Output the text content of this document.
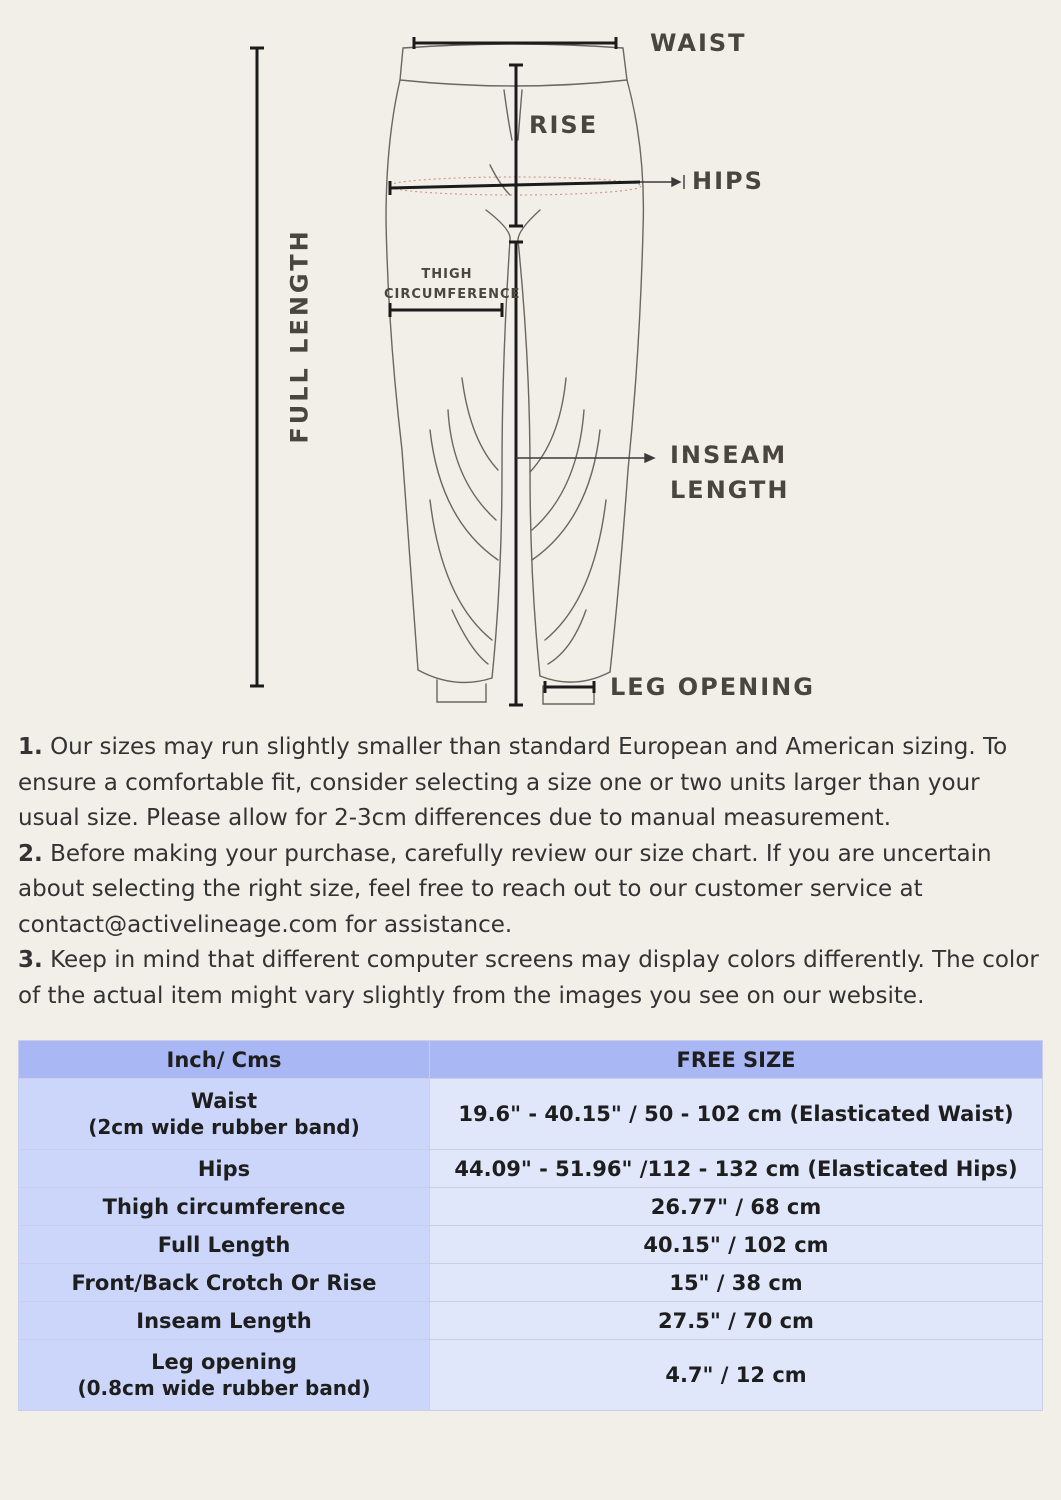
WAIST
RISE
HIPS
THIGH
CIRCUMFERENCE
FULL LENGTH
INSEAM
LENGTH
LEG OPENING

1. Our sizes may run slightly smaller than standard European and American sizing. To ensure a comfortable fit, consider selecting a size one or two units larger than your usual size. Please allow for 2-3cm differences due to manual measurement.

2. Before making your purchase, carefully review our size chart. If you are uncertain about selecting the right size, feel free to reach out to our customer service at contact@activelineage.com for assistance.

3. Keep in mind that different computer screens may display colors differently. The color of the actual item might vary slightly from the images you see on our website.

Inch/ Cms	FREE SIZE
Waist
(2cm wide rubber band)	19.6" - 40.15" / 50 - 102 cm (Elasticated Waist)
Hips	44.09" - 51.96" /112 - 132 cm (Elasticated Hips)
Thigh circumference	26.77" / 68 cm
Full Length	40.15" / 102 cm
Front/Back Crotch Or Rise	15" / 38 cm
Inseam Length	27.5" / 70 cm
Leg opening
(0.8cm wide rubber band)	4.7" / 12 cm
